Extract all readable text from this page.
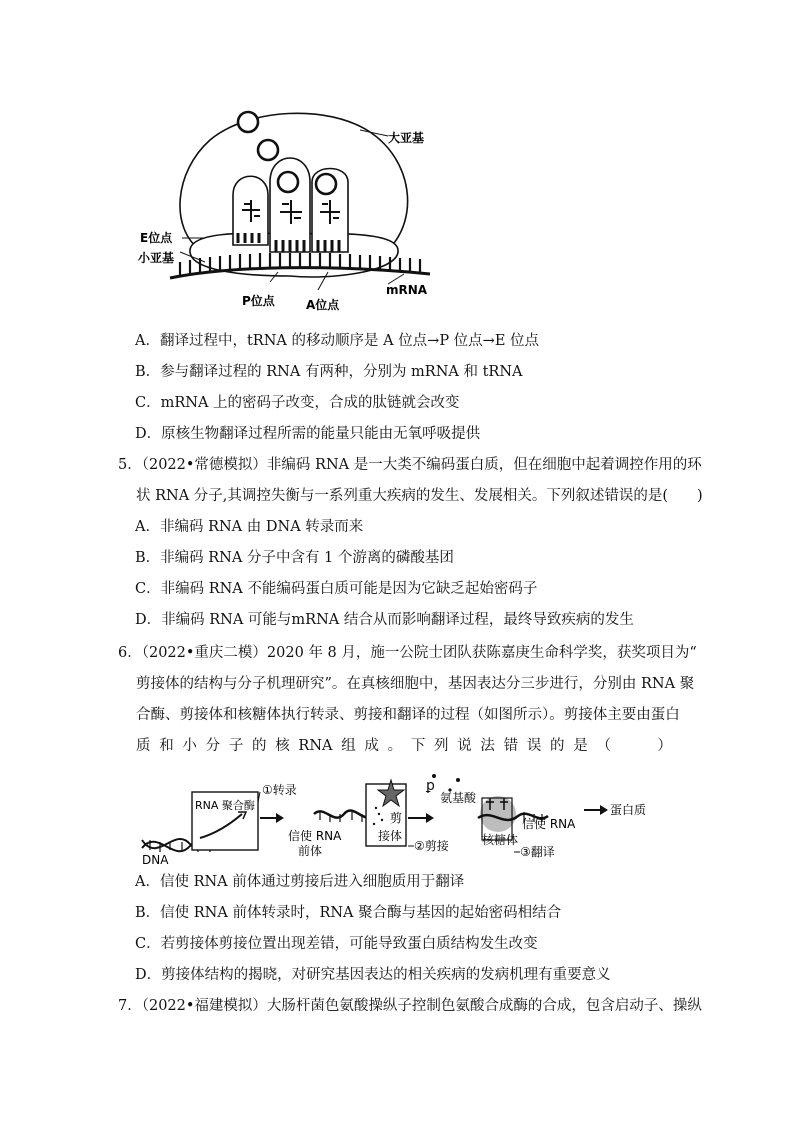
大亚基
E位点
小亚基
P位点	A位点
mRNA
A．翻译过程中，tRNA 的移动顺序是 A 位点→P 位点→E 位点
B．参与翻译过程的 RNA 有两种，分别为 mRNA 和 tRNA
C．mRNA 上的密码子改变，合成的肽链就会改变
D．原核生物翻译过程所需的能量只能由无氧呼吸提供
5．（2022•常德模拟）非编码 RNA 是一大类不编码蛋白质，但在细胞中起着调控作用的环
状 RNA 分子,其调控失衡与一系列重大疾病的发生、发展相关。下列叙述错误的是(　　)
A．非编码 RNA 由 DNA 转录而来
B．非编码 RNA 分子中含有 1 个游离的磷酸基团
C．非编码 RNA 不能编码蛋白质可能是因为它缺乏起始密码子
D．非编码 RNA 可能与mRNA 结合从而影响翻译过程，最终导致疾病的发生
6．（2022•重庆二模）2020 年 8 月，施一公院士团队获陈嘉庚生命科学奖，获奖项目为“
剪接体的结构与分子机理研究”。在真核细胞中，基因表达分三步进行，分别由 RNA 聚
合酶、剪接体和核糖体执行转录、剪接和翻译的过程（如图所示）。剪接体主要由蛋白
质 和 小 分 子 的 核 RNA 组 成 。 下 列 说 法 错 误 的 是 （
　　	）
RNA 聚合酶
①转录
DNA
信使 RNA
前体
剪
接体
②剪接
ꝑ
氨基酸
核糖体
信使 RNA
③翻译
蛋白质
A．信使 RNA 前体通过剪接后进入细胞质用于翻译
B．信使 RNA 前体转录时，RNA 聚合酶与基因的起始密码相结合
C．若剪接体剪接位置出现差错，可能导致蛋白质结构发生改变
D．剪接体结构的揭晓，对研究基因表达的相关疾病的发病机理有重要意义
7．（2022•福建模拟）大肠杆菌色氨酸操纵子控制色氨酸合成酶的合成，包含启动子、操纵
